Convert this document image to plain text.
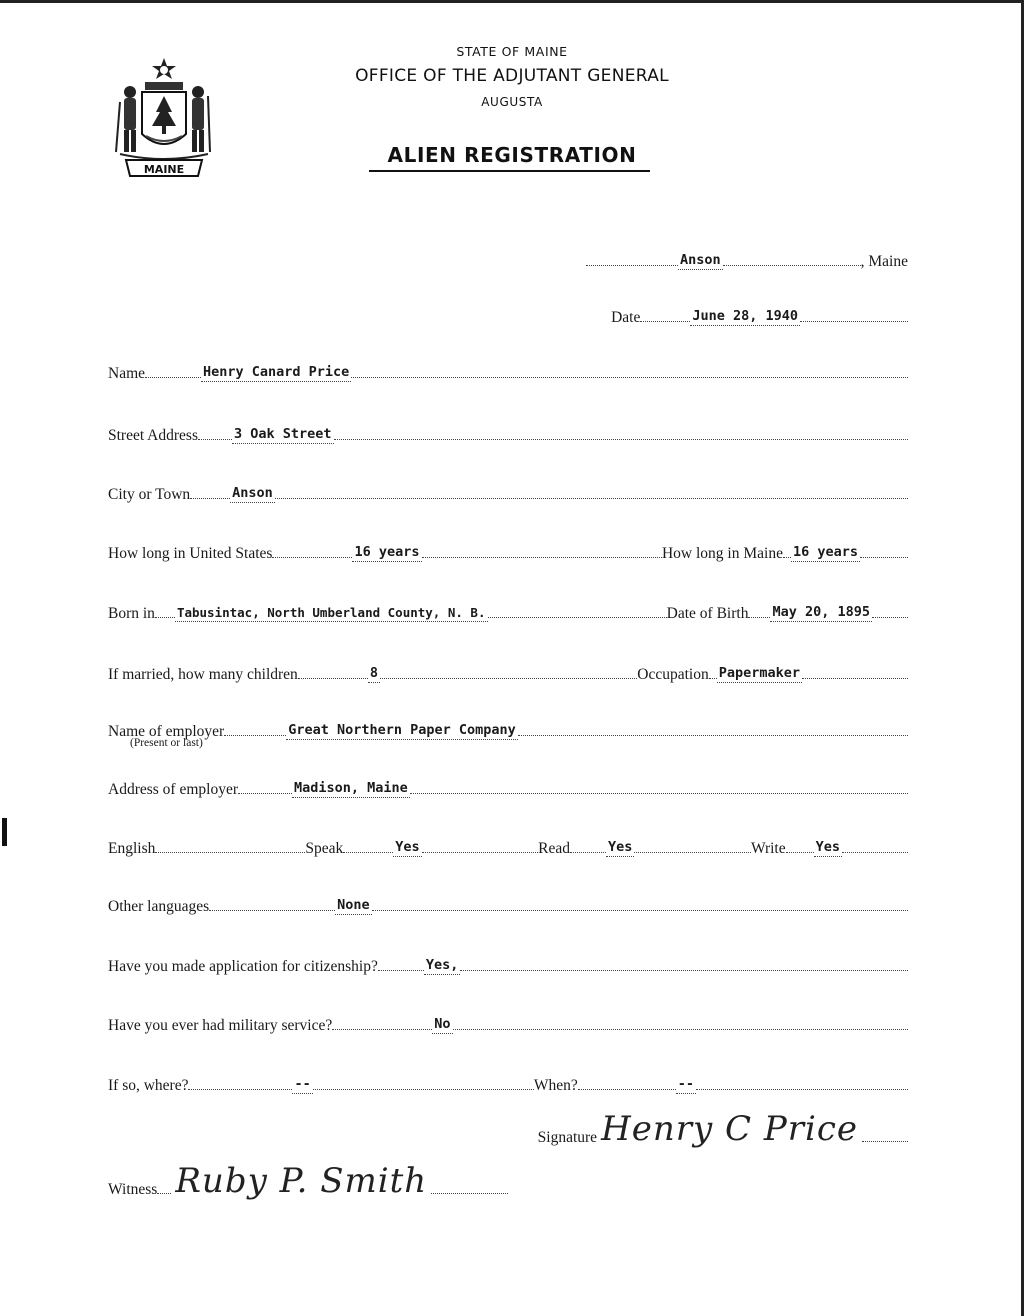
MAINE
STATE OF MAINE
OFFICE OF THE ADJUTANT GENERAL
AUGUSTA
ALIEN REGISTRATION
Anson	, Maine
Date	June 28, 1940
Name	Henry Canard Price
Street Address	3 Oak Street
City or Town	Anson
How long in United States	16 years	How long in Maine 16 years
Born in Tabusintac, North Umberland County, N. B.	Date of Birth May 20, 1895
If married, how many children	8	Occupation Papermaker
Name of employer	Great Northern Paper Company
(Present or last)
Address of employer	Madison, Maine
English	Speak	Yes	Read	Yes	Write Yes
Other languages	None
Have you made application for citizenship?	Yes,
Have you ever had military service?	No
If so, where?	--	When?	--
Signature Henry C Price
Witness Ruby P. Smith
